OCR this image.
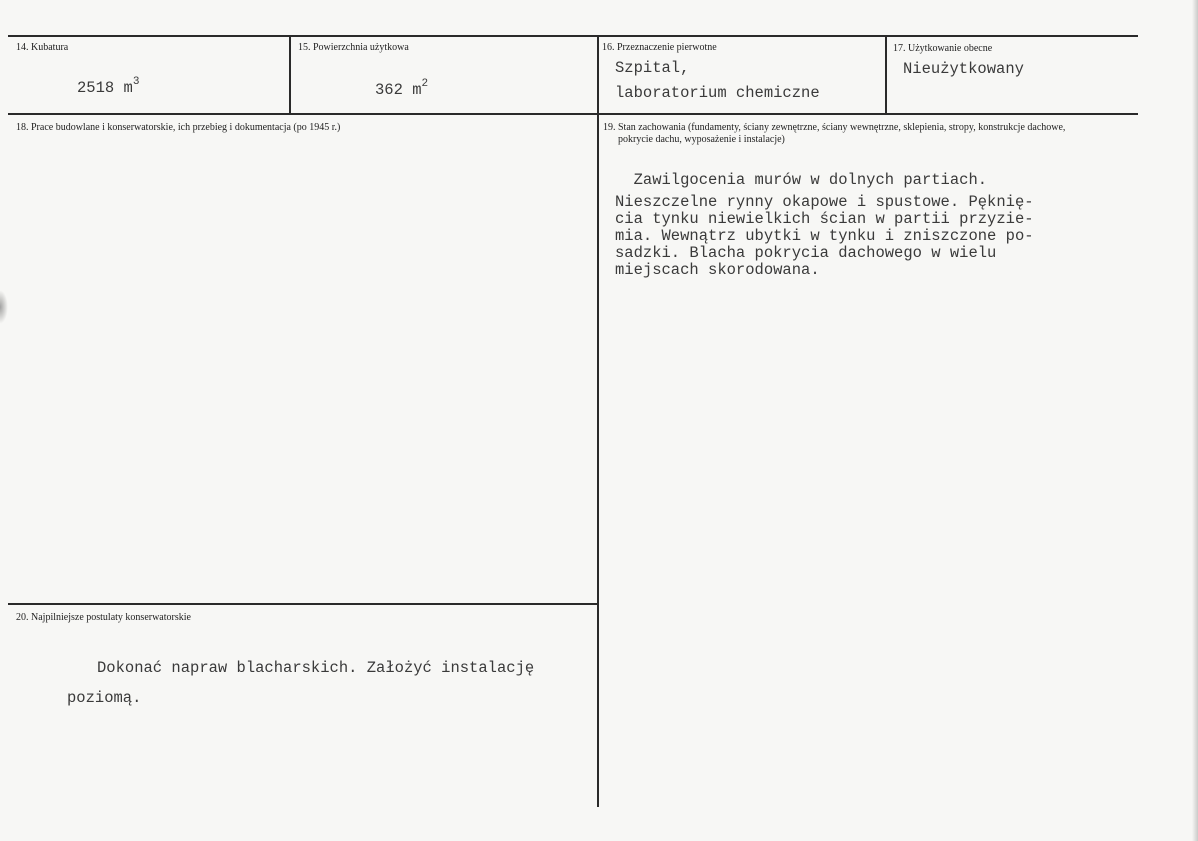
14. Kubatura
2518 $m^3$
15. Powierzchnia użytkowa
362 $m^2$
16. Przeznaczenie pierwotne
Szpital,
laboratorium chemiczne
17. Użytkowanie obecne
Nieużytkowany
18. Prace budowlane i konserwatorskie, ich przebieg i dokumentacja (po 1945 r.)	19. Stan zachowania (fundamenty, ściany zewnętrzne, ściany wewnętrzne, sklepienia, stropy, konstrukcje dachowe,
pokrycie dachu, wyposażenie i instalacje)
Zawilgocenia murów w dolnych partiach.
Nieszczelne rynny okapowe i spustowe. Pęknię-
cia tynku niewielkich ścian w partii przyzie-
mia. Wewnątrz ubytki w tynku i zniszczone po-
sadzki. Blacha pokrycia dachowego w wielu
miejscach skorodowana.
20. Najpilniejsze postulaty konserwatorskie
Dokonać napraw blacharskich. Założyć instalację
poziomą.
